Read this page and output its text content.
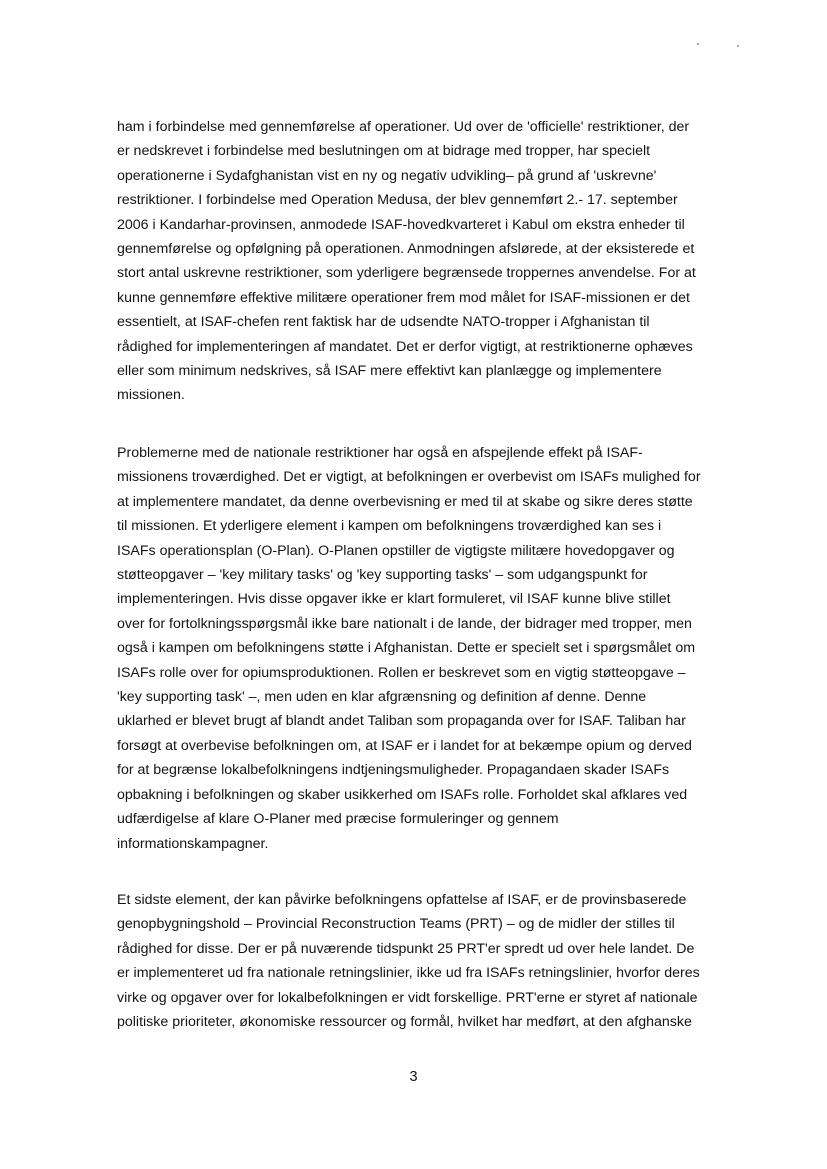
ham i forbindelse med gennemførelse af operationer. Ud over de 'officielle' restriktioner, der
er nedskrevet i forbindelse med beslutningen om at bidrage med tropper, har specielt
operationerne i Sydafghanistan vist en ny og negativ udvikling– på grund af 'uskrevne'
restriktioner. I forbindelse med Operation Medusa, der blev gennemført 2.- 17. september
2006 i Kandarhar-provinsen, anmodede ISAF-hovedkvarteret i Kabul om ekstra enheder til
gennemførelse og opfølgning på operationen. Anmodningen afslørede, at der eksisterede et
stort antal uskrevne restriktioner, som yderligere begrænsede troppernes anvendelse. For at
kunne gennemføre effektive militære operationer frem mod målet for ISAF-missionen er det
essentielt, at ISAF-chefen rent faktisk har de udsendte NATO-tropper i Afghanistan til
rådighed for implementeringen af mandatet. Det er derfor vigtigt, at restriktionerne ophæves
eller som minimum nedskrives, så ISAF mere effektivt kan planlægge og implementere
missionen.

Problemerne med de nationale restriktioner har også en afspejlende effekt på ISAF-
missionens troværdighed. Det er vigtigt, at befolkningen er overbevist om ISAFs mulighed for
at implementere mandatet, da denne overbevisning er med til at skabe og sikre deres støtte
til missionen. Et yderligere element i kampen om befolkningens troværdighed kan ses i
ISAFs operationsplan (O-Plan). O-Planen opstiller de vigtigste militære hovedopgaver og
støtteopgaver – 'key military tasks' og 'key supporting tasks' – som udgangspunkt for
implementeringen. Hvis disse opgaver ikke er klart formuleret, vil ISAF kunne blive stillet
over for fortolkningsspørgsmål ikke bare nationalt i de lande, der bidrager med tropper, men
også i kampen om befolkningens støtte i Afghanistan. Dette er specielt set i spørgsmålet om
ISAFs rolle over for opiumsproduktionen. Rollen er beskrevet som en vigtig støtteopgave –
'key supporting task' –, men uden en klar afgrænsning og definition af denne. Denne
uklarhed er blevet brugt af blandt andet Taliban som propaganda over for ISAF. Taliban har
forsøgt at overbevise befolkningen om, at ISAF er i landet for at bekæmpe opium og derved
for at begrænse lokalbefolkningens indtjeningsmuligheder. Propagandaen skader ISAFs
opbakning i befolkningen og skaber usikkerhed om ISAFs rolle. Forholdet skal afklares ved
udfærdigelse af klare O-Planer med præcise formuleringer og gennem
informationskampagner.

Et sidste element, der kan påvirke befolkningens opfattelse af ISAF, er de provinsbaserede
genopbygningshold – Provincial Reconstruction Teams (PRT) – og de midler der stilles til
rådighed for disse. Der er på nuværende tidspunkt 25 PRT'er spredt ud over hele landet. De
er implementeret ud fra nationale retningslinier, ikke ud fra ISAFs retningslinier, hvorfor deres
virke og opgaver over for lokalbefolkningen er vidt forskellige. PRT'erne er styret af nationale
politiske prioriteter, økonomiske ressourcer og formål, hvilket har medført, at den afghanske

3
